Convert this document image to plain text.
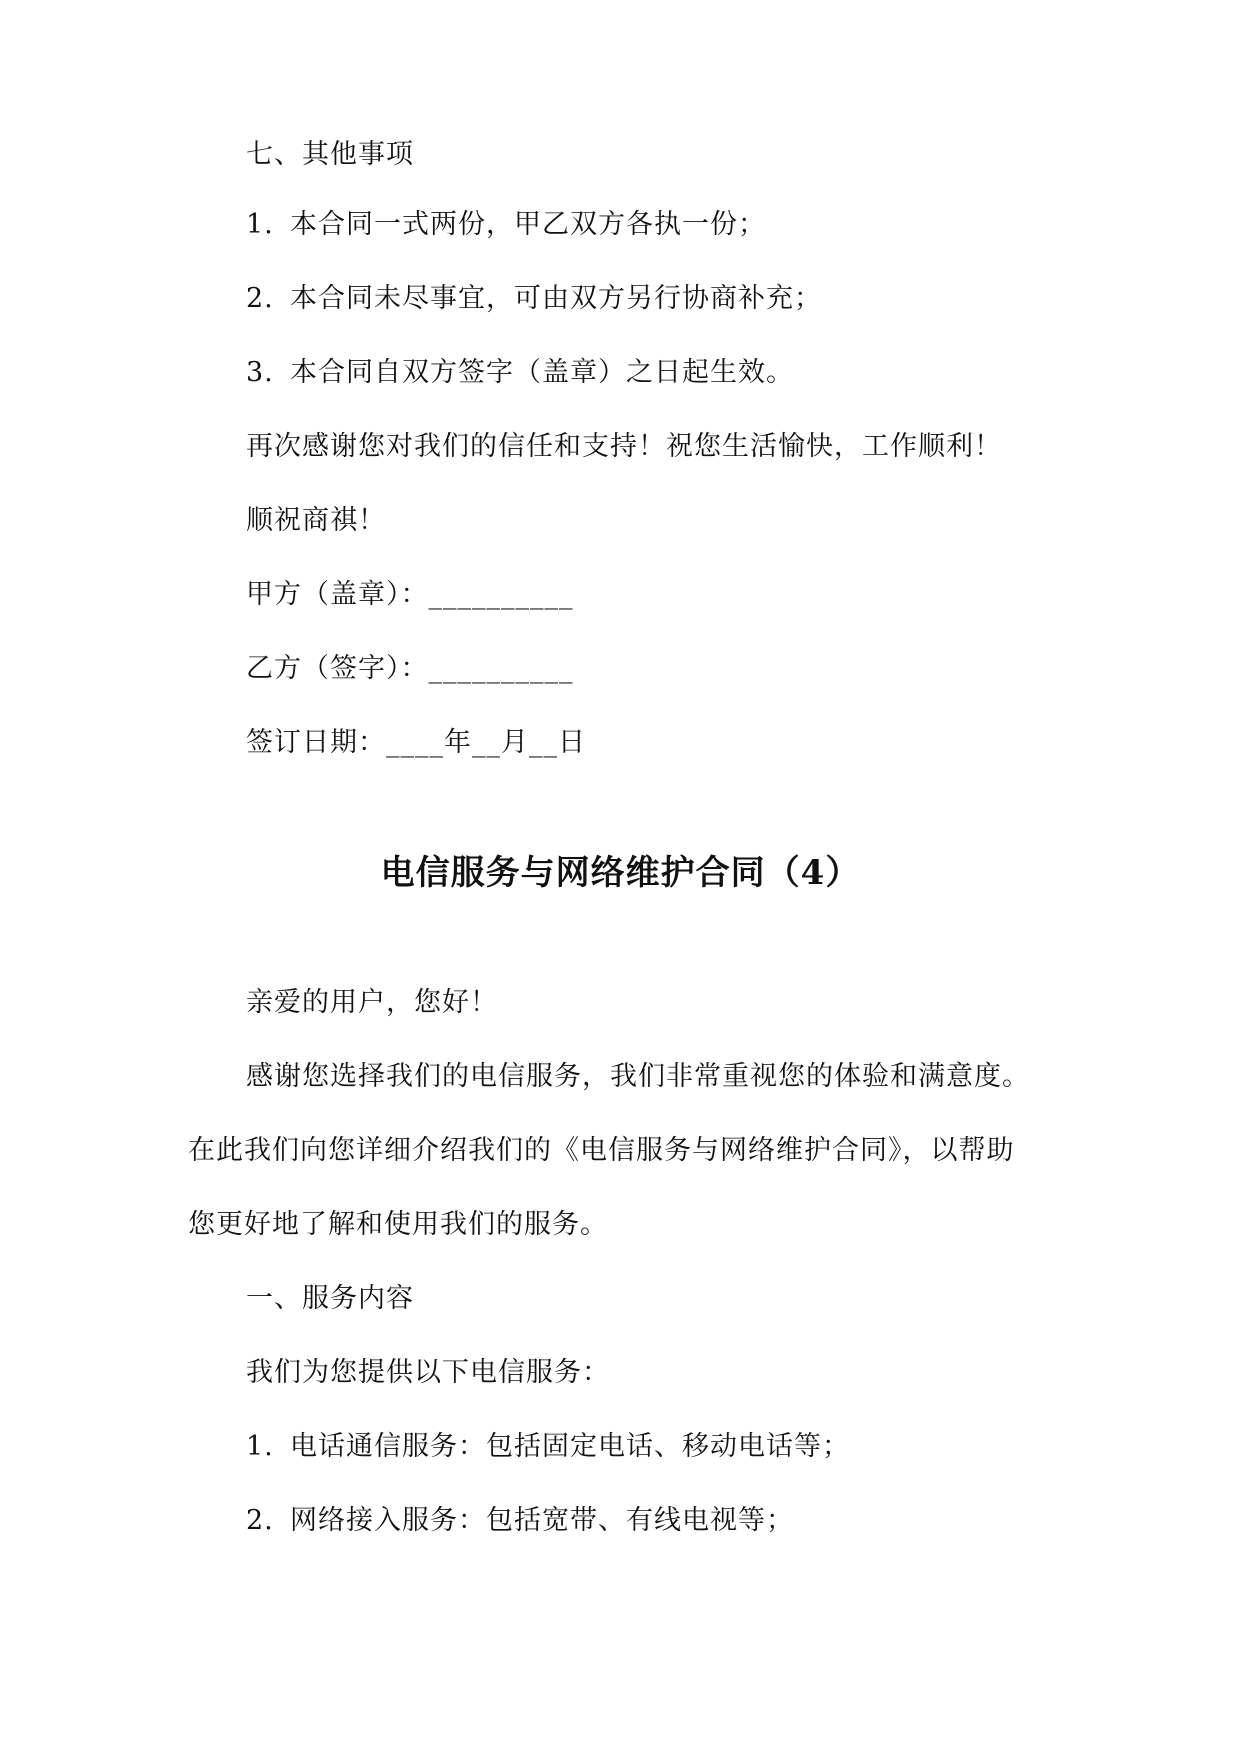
七、其他事项
1. 本合同一式两份，甲乙双方各执一份；
2. 本合同未尽事宜，可由双方另行协商补充；
3. 本合同自双方签字（盖章）之日起生效。
再次感谢您对我们的信任和支持！祝您生活愉快，工作顺利！
顺祝商祺！
甲方（盖章）：__________
乙方（签字）：__________
签订日期：____年__月__日
电信服务与网络维护合同（4）
亲爱的用户，您好！
感谢您选择我们的电信服务，我们非常重视您的体验和满意度。
在此我们向您详细介绍我们的《电信服务与网络维护合同》，以帮助
您更好地了解和使用我们的服务。
一、服务内容
我们为您提供以下电信服务：
1. 电话通信服务：包括固定电话、移动电话等；
2. 网络接入服务：包括宽带、有线电视等；
